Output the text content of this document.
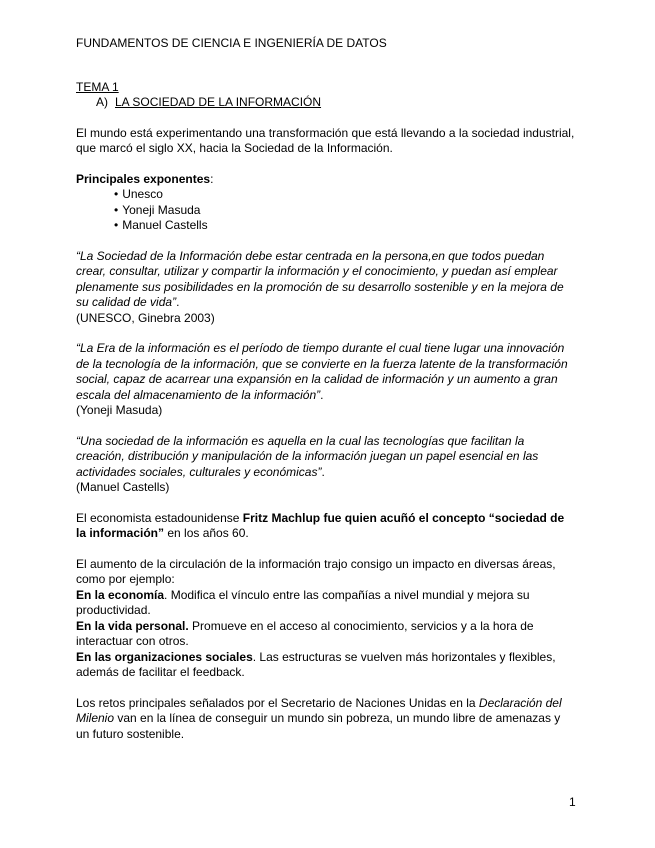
FUNDAMENTOS DE CIENCIA E INGENIERÍA DE DATOS

TEMA 1

A) LA SOCIEDAD DE LA INFORMACIÓN

El mundo está experimentando una transformación que está llevando a la sociedad industrial, que marcó el siglo XX, hacia la Sociedad de la Información.

Principales exponentes:

• Unesco
• Yoneji Masuda
• Manuel Castells

“La Sociedad de la Información debe estar centrada en la persona,en que todos puedan crear, consultar, utilizar y compartir la información y el conocimiento, y puedan así emplear plenamente sus posibilidades en la promoción de su desarrollo sostenible y en la mejora de su calidad de vida”.

(UNESCO, Ginebra 2003)

“La Era de la información es el período de tiempo durante el cual tiene lugar una innovación de la tecnología de la información, que se convierte en la fuerza latente de la transformación social, capaz de acarrear una expansión en la calidad de información y un aumento a gran escala del almacenamiento de la información”.

(Yoneji Masuda)

“Una sociedad de la información es aquella en la cual las tecnologías que facilitan la creación, distribución y manipulación de la información juegan un papel esencial en las actividades sociales, culturales y económicas”.

(Manuel Castells)

El economista estadounidense Fritz Machlup fue quien acuñó el concepto “sociedad de la información” en los años 60.

El aumento de la circulación de la información trajo consigo un impacto en diversas áreas, como por ejemplo:

En la economía. Modifica el vínculo entre las compañías a nivel mundial y mejora su productividad.

En la vida personal. Promueve en el acceso al conocimiento, servicios y a la hora de interactuar con otros.

En las organizaciones sociales. Las estructuras se vuelven más horizontales y flexibles, además de facilitar el feedback.

Los retos principales señalados por el Secretario de Naciones Unidas en la Declaración del Milenio van en la línea de conseguir un mundo sin pobreza, un mundo libre de amenazas y un futuro sostenible.

1
